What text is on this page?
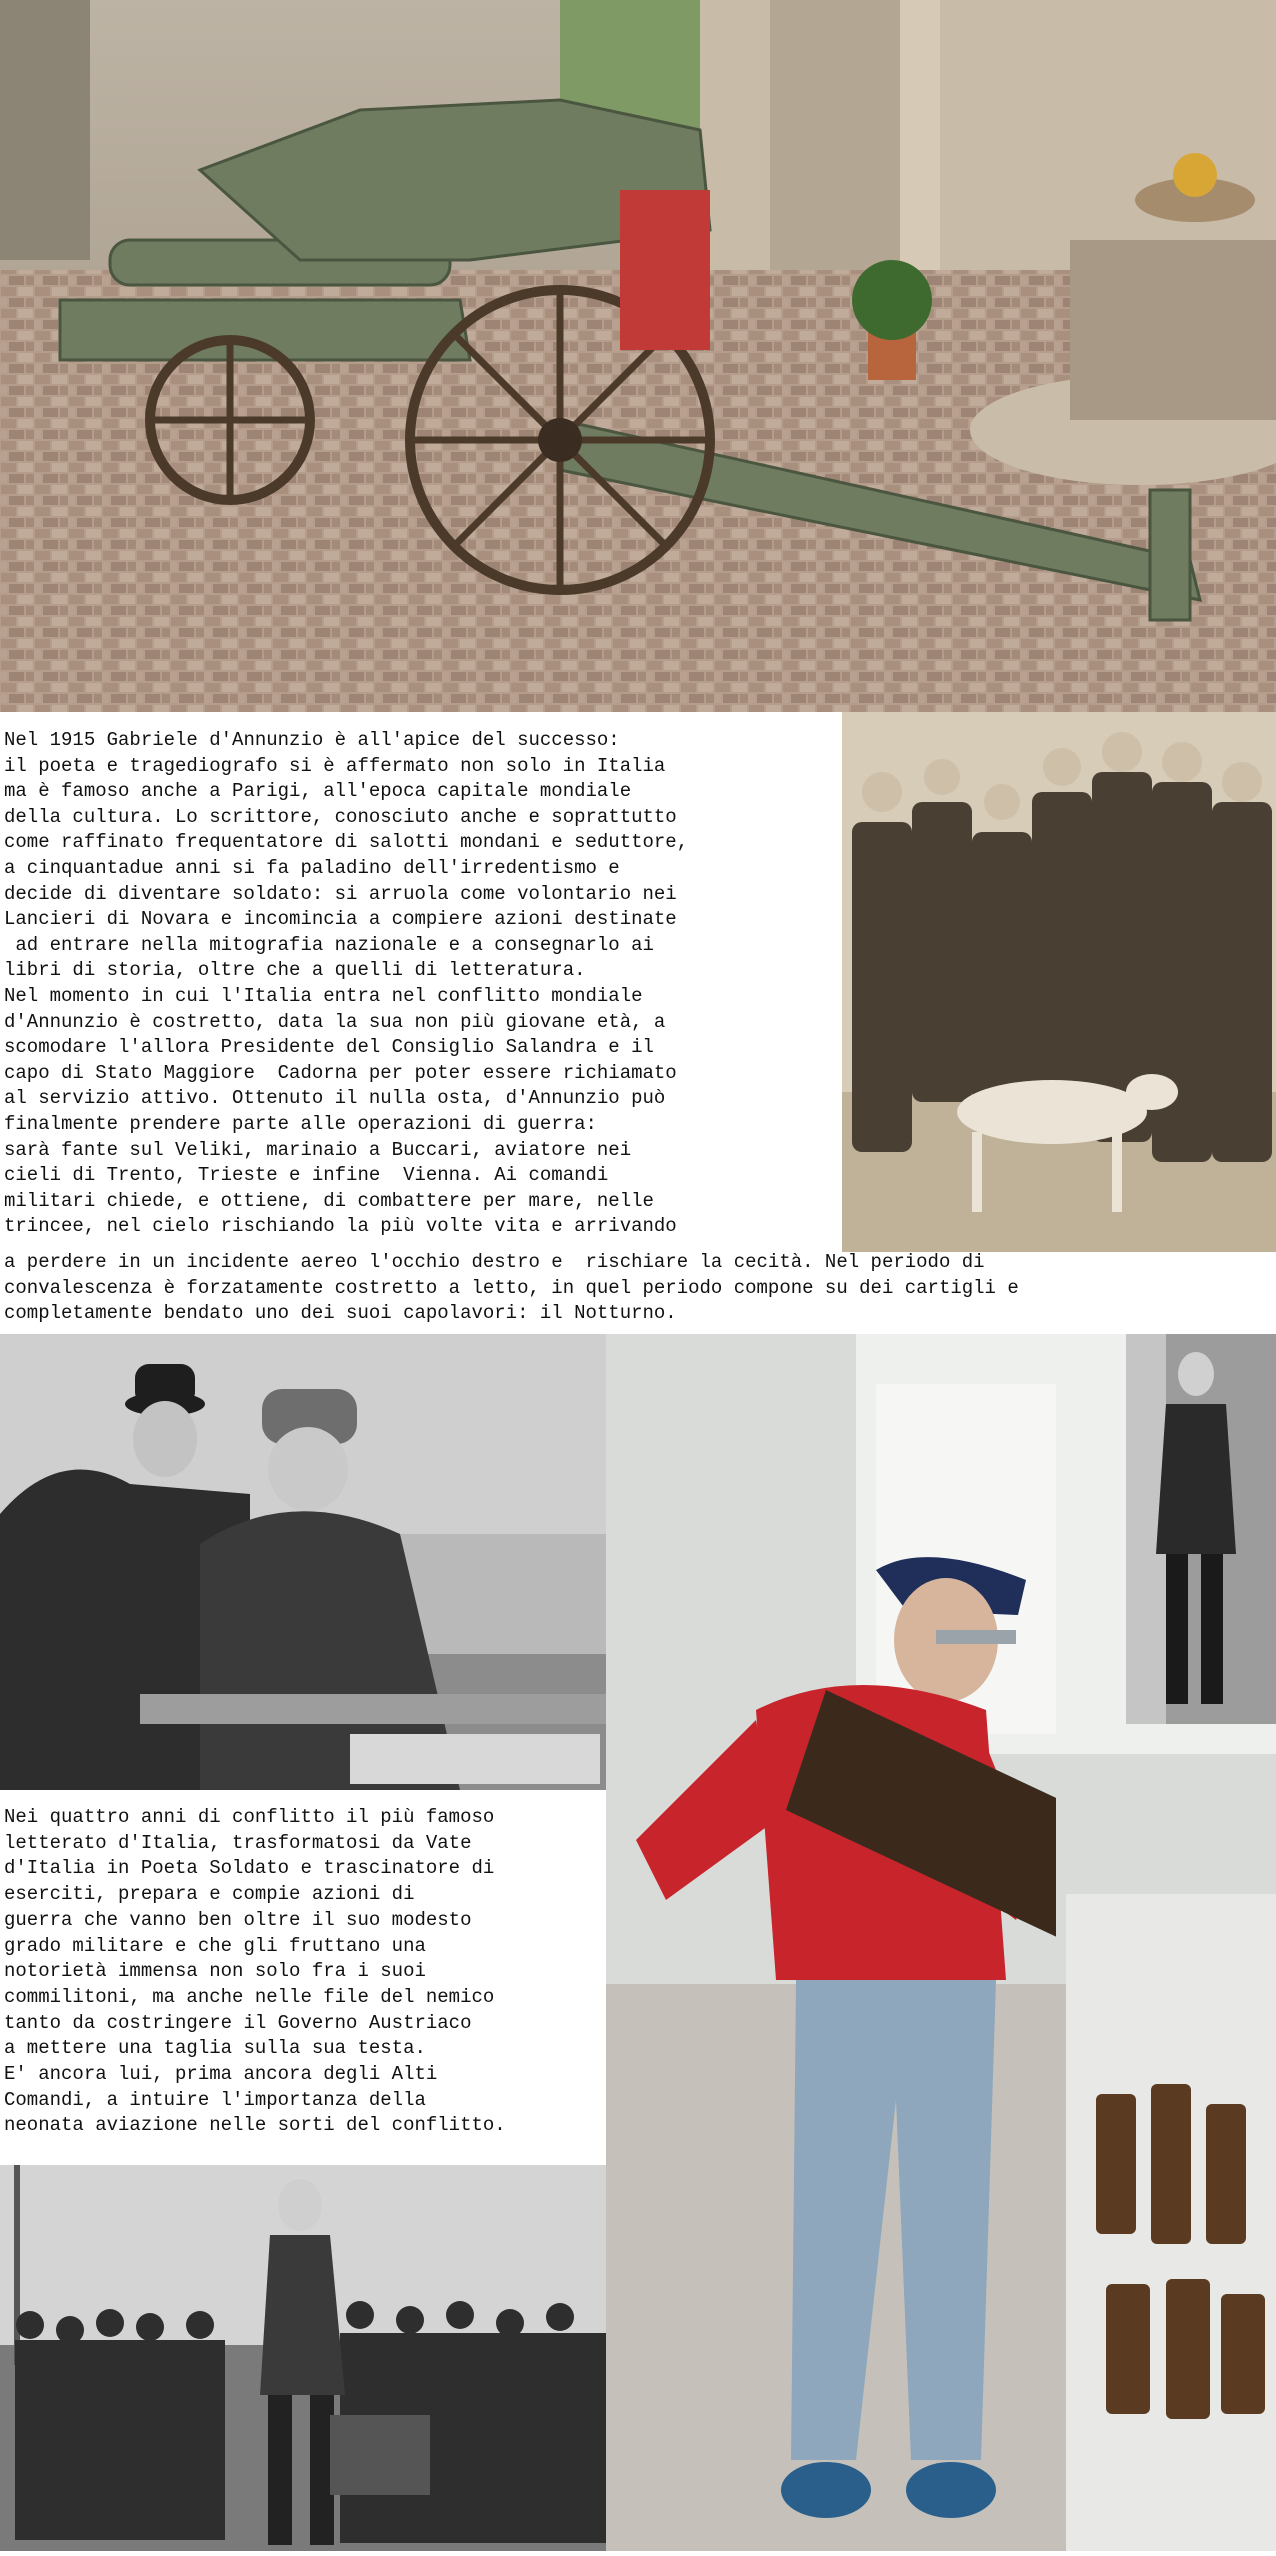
Nel 1915 Gabriele d'Annunzio è all'apice del successo:
il poeta e tragediografo si è affermato non solo in Italia
ma è famoso anche a Parigi, all'epoca capitale mondiale
della cultura. Lo scrittore, conosciuto anche e soprattutto
come raffinato frequentatore di salotti mondani e seduttore,
a cinquantadue anni si fa paladino dell'irredentismo e
decide di diventare soldato: si arruola come volontario nei
Lancieri di Novara e incomincia a compiere azioni destinate
ad entrare nella mitografia nazionale e a consegnarlo ai
libri di storia, oltre che a quelli di letteratura.
Nel momento in cui l'Italia entra nel conflitto mondiale
d'Annunzio è costretto, data la sua non più giovane età, a
scomodare l'allora Presidente del Consiglio Salandra e il
capo di Stato Maggiore  Cadorna per poter essere richiamato
al servizio attivo. Ottenuto il nulla osta, d'Annunzio può
finalmente prendere parte alle operazioni di guerra:
sarà fante sul Veliki, marinaio a Buccari, aviatore nei
cieli di Trento, Trieste e infine  Vienna. Ai comandi
militari chiede, e ottiene, di combattere per mare, nelle
trincee, nel cielo rischiando la più volte vita e arrivando
a perdere in un incidente aereo l'occhio destro e  rischiare la cecità. Nel periodo di
convalescenza è forzatamente costretto a letto, in quel periodo compone su dei cartigli e
completamente bendato uno dei suoi capolavori: il Notturno.
Nei quattro anni di conflitto il più famoso
letterato d'Italia, trasformatosi da Vate
d'Italia in Poeta Soldato e trascinatore di
eserciti, prepara e compie azioni di
guerra che vanno ben oltre il suo modesto
grado militare e che gli fruttano una
notorietà immensa non solo fra i suoi
commilitoni, ma anche nelle file del nemico
tanto da costringere il Governo Austriaco
a mettere una taglia sulla sua testa.
E' ancora lui, prima ancora degli Alti
Comandi, a intuire l'importanza della
neonata aviazione nelle sorti del conflitto.
